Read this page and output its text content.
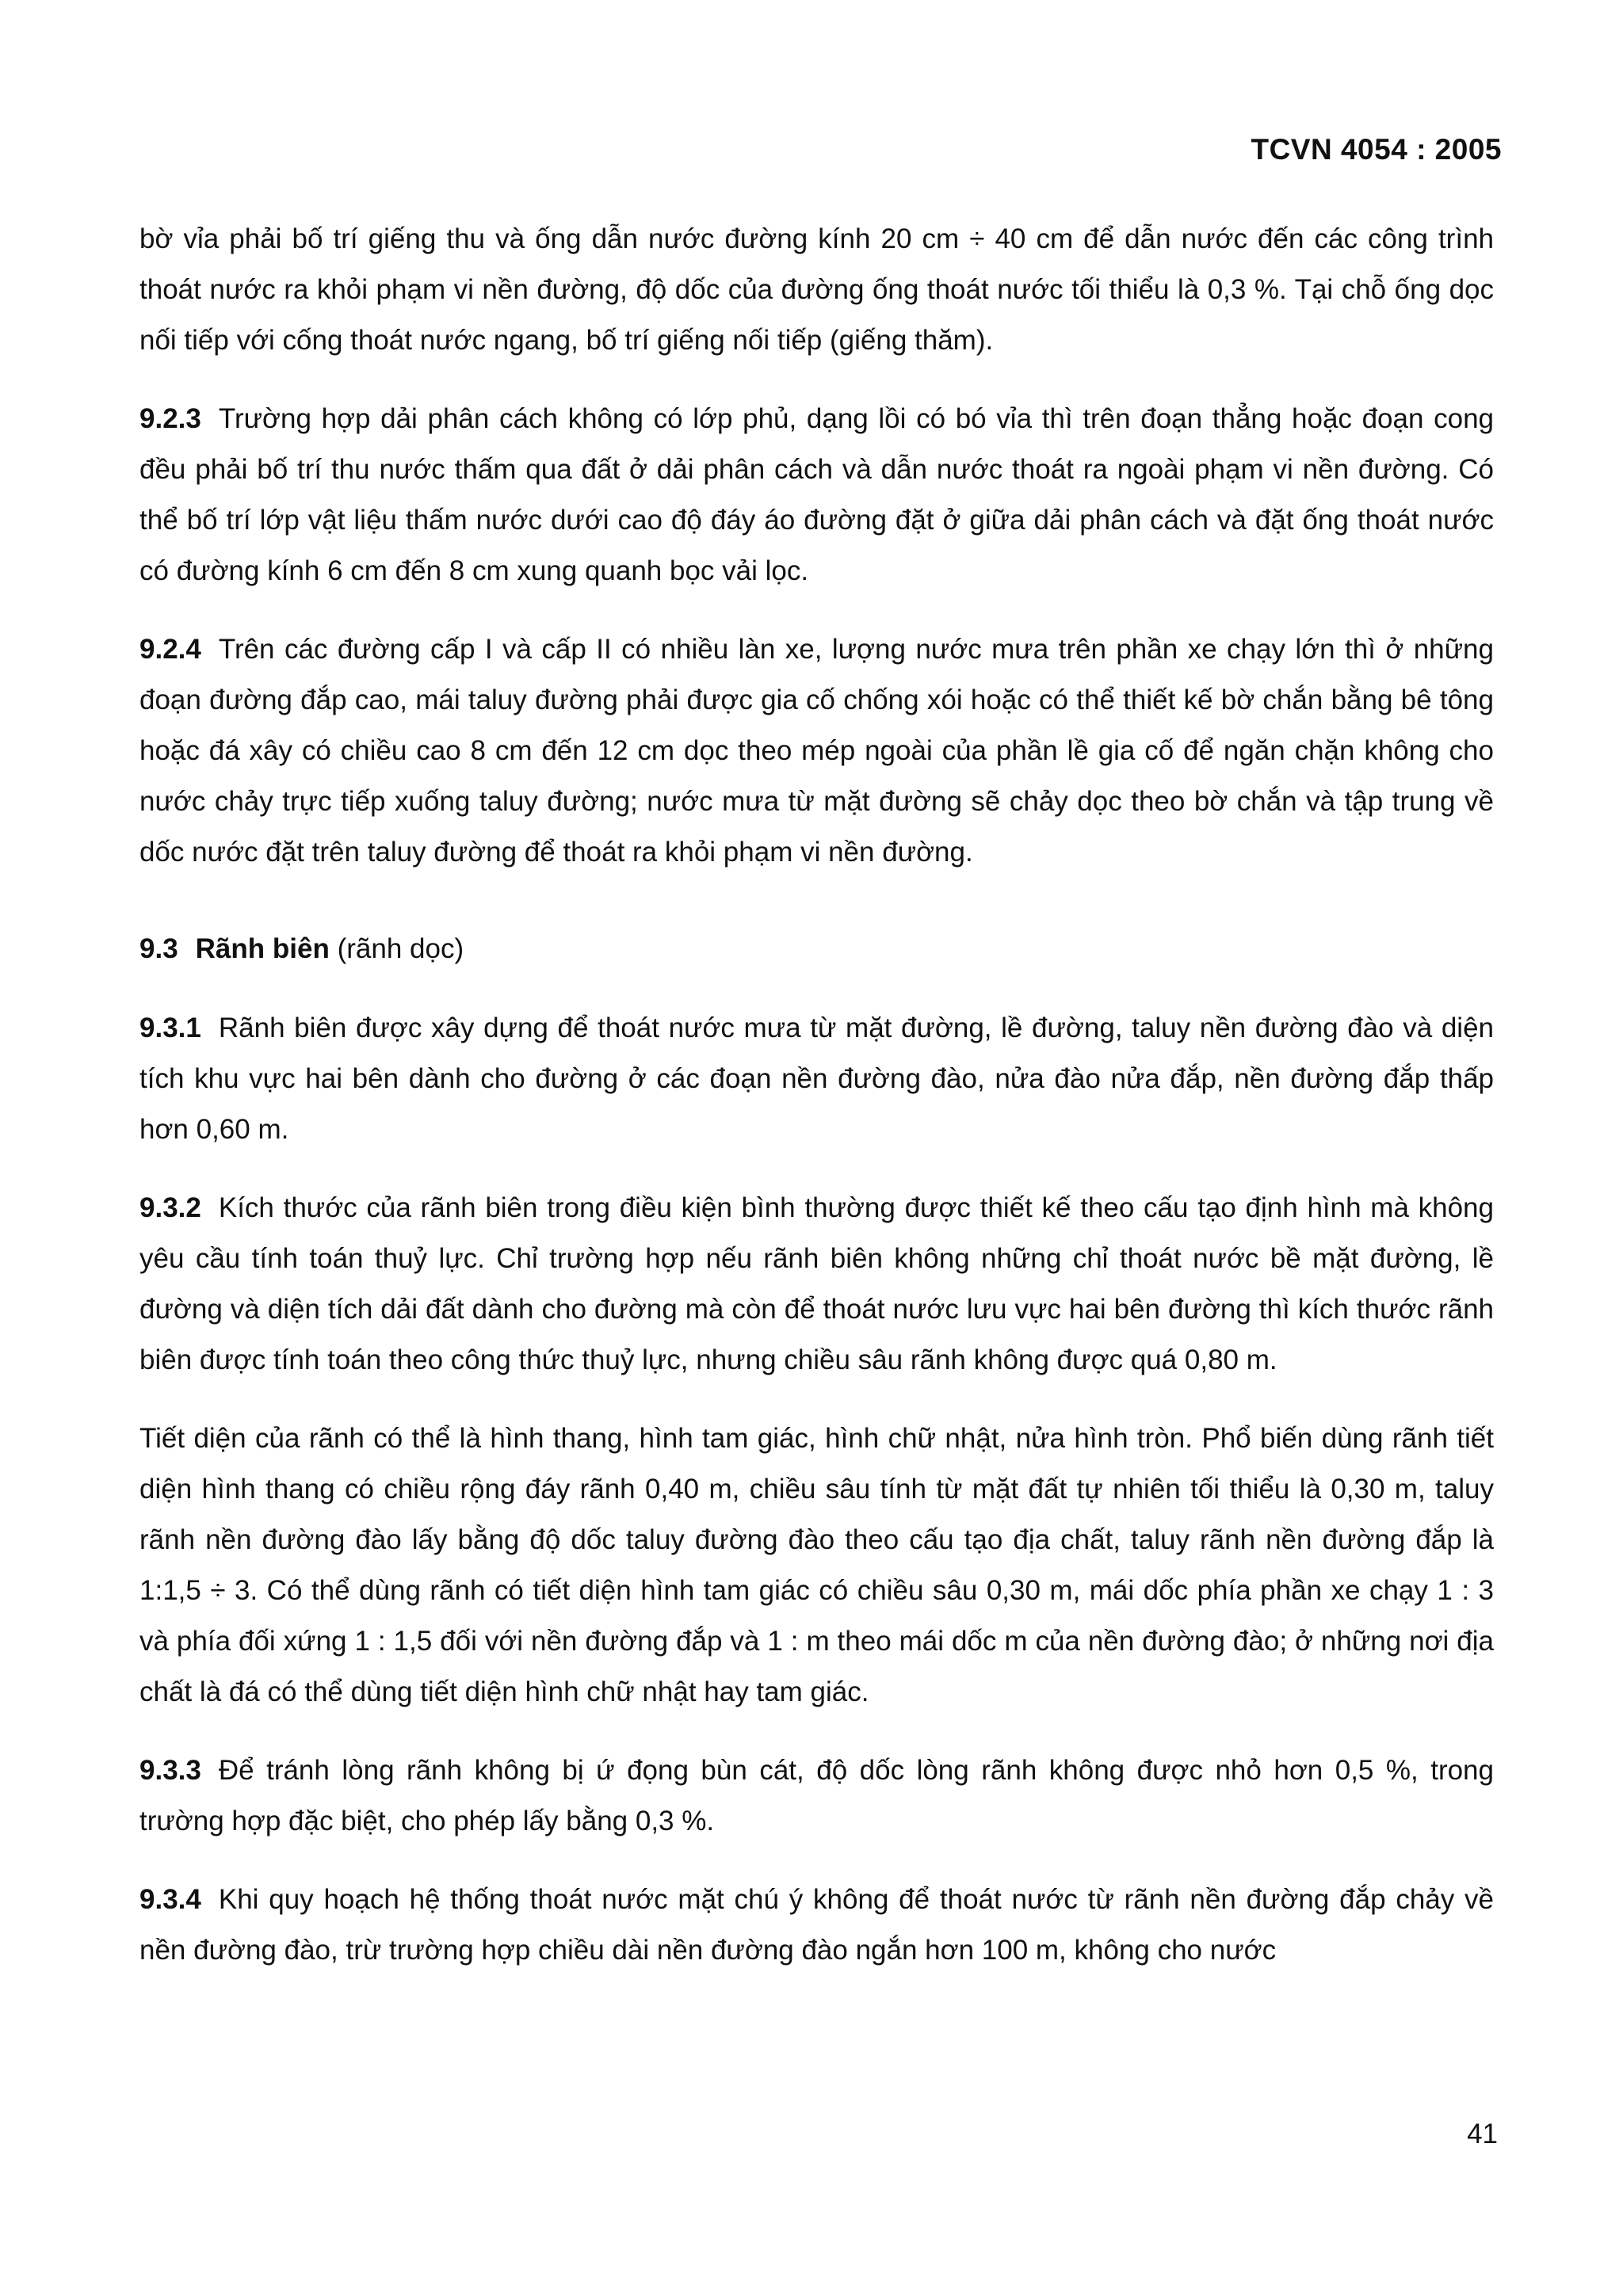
TCVN 4054 : 2005

bờ vỉa phải bố trí giếng thu và ống dẫn nước đường kính 20 cm ÷ 40 cm để dẫn nước đến các công trình thoát nước ra khỏi phạm vi nền đường, độ dốc của đường ống thoát nước tối thiểu là 0,3 %. Tại chỗ ống dọc nối tiếp với cống thoát nước ngang, bố trí giếng nối tiếp (giếng thăm).

9.2.3 Trường hợp dải phân cách không có lớp phủ, dạng lồi có bó vỉa thì trên đoạn thẳng hoặc đoạn cong đều phải bố trí thu nước thấm qua đất ở dải phân cách và dẫn nước thoát ra ngoài phạm vi nền đường. Có thể bố trí lớp vật liệu thấm nước dưới cao độ đáy áo đường đặt ở giữa dải phân cách và đặt ống thoát nước có đường kính 6 cm đến 8 cm xung quanh bọc vải lọc.

9.2.4 Trên các đường cấp I và cấp II có nhiều làn xe, lượng nước mưa trên phần xe chạy lớn thì ở những đoạn đường đắp cao, mái taluy đường phải được gia cố chống xói hoặc có thể thiết kế bờ chắn bằng bê tông hoặc đá xây có chiều cao 8 cm đến 12 cm dọc theo mép ngoài của phần lề gia cố để ngăn chặn không cho nước chảy trực tiếp xuống taluy đường; nước mưa từ mặt đường sẽ chảy dọc theo bờ chắn và tập trung về dốc nước đặt trên taluy đường để thoát ra khỏi phạm vi nền đường.

9.3 Rãnh biên (rãnh dọc)

9.3.1 Rãnh biên được xây dựng để thoát nước mưa từ mặt đường, lề đường, taluy nền đường đào và diện tích khu vực hai bên dành cho đường ở các đoạn nền đường đào, nửa đào nửa đắp, nền đường đắp thấp hơn 0,60 m.

9.3.2 Kích thước của rãnh biên trong điều kiện bình thường được thiết kế theo cấu tạo định hình mà không yêu cầu tính toán thuỷ lực. Chỉ trường hợp nếu rãnh biên không những chỉ thoát nước bề mặt đường, lề đường và diện tích dải đất dành cho đường mà còn để thoát nước lưu vực hai bên đường thì kích thước rãnh biên được tính toán theo công thức thuỷ lực, nhưng chiều sâu rãnh không được quá 0,80 m.

Tiết diện của rãnh có thể là hình thang, hình tam giác, hình chữ nhật, nửa hình tròn. Phổ biến dùng rãnh tiết diện hình thang có chiều rộng đáy rãnh 0,40 m, chiều sâu tính từ mặt đất tự nhiên tối thiểu là 0,30 m, taluy rãnh nền đường đào lấy bằng độ dốc taluy đường đào theo cấu tạo địa chất, taluy rãnh nền đường đắp là 1:1,5 ÷ 3. Có thể dùng rãnh có tiết diện hình tam giác có chiều sâu 0,30 m, mái dốc phía phần xe chạy 1 : 3 và phía đối xứng 1 : 1,5 đối với nền đường đắp và 1 : m theo mái dốc m của nền đường đào; ở những nơi địa chất là đá có thể dùng tiết diện hình chữ nhật hay tam giác.

9.3.3 Để tránh lòng rãnh không bị ứ đọng bùn cát, độ dốc lòng rãnh không được nhỏ hơn 0,5 %, trong trường hợp đặc biệt, cho phép lấy bằng 0,3 %.

9.3.4 Khi quy hoạch hệ thống thoát nước mặt chú ý không để thoát nước từ rãnh nền đường đắp chảy về nền đường đào, trừ trường hợp chiều dài nền đường đào ngắn hơn 100 m, không cho nước

41
